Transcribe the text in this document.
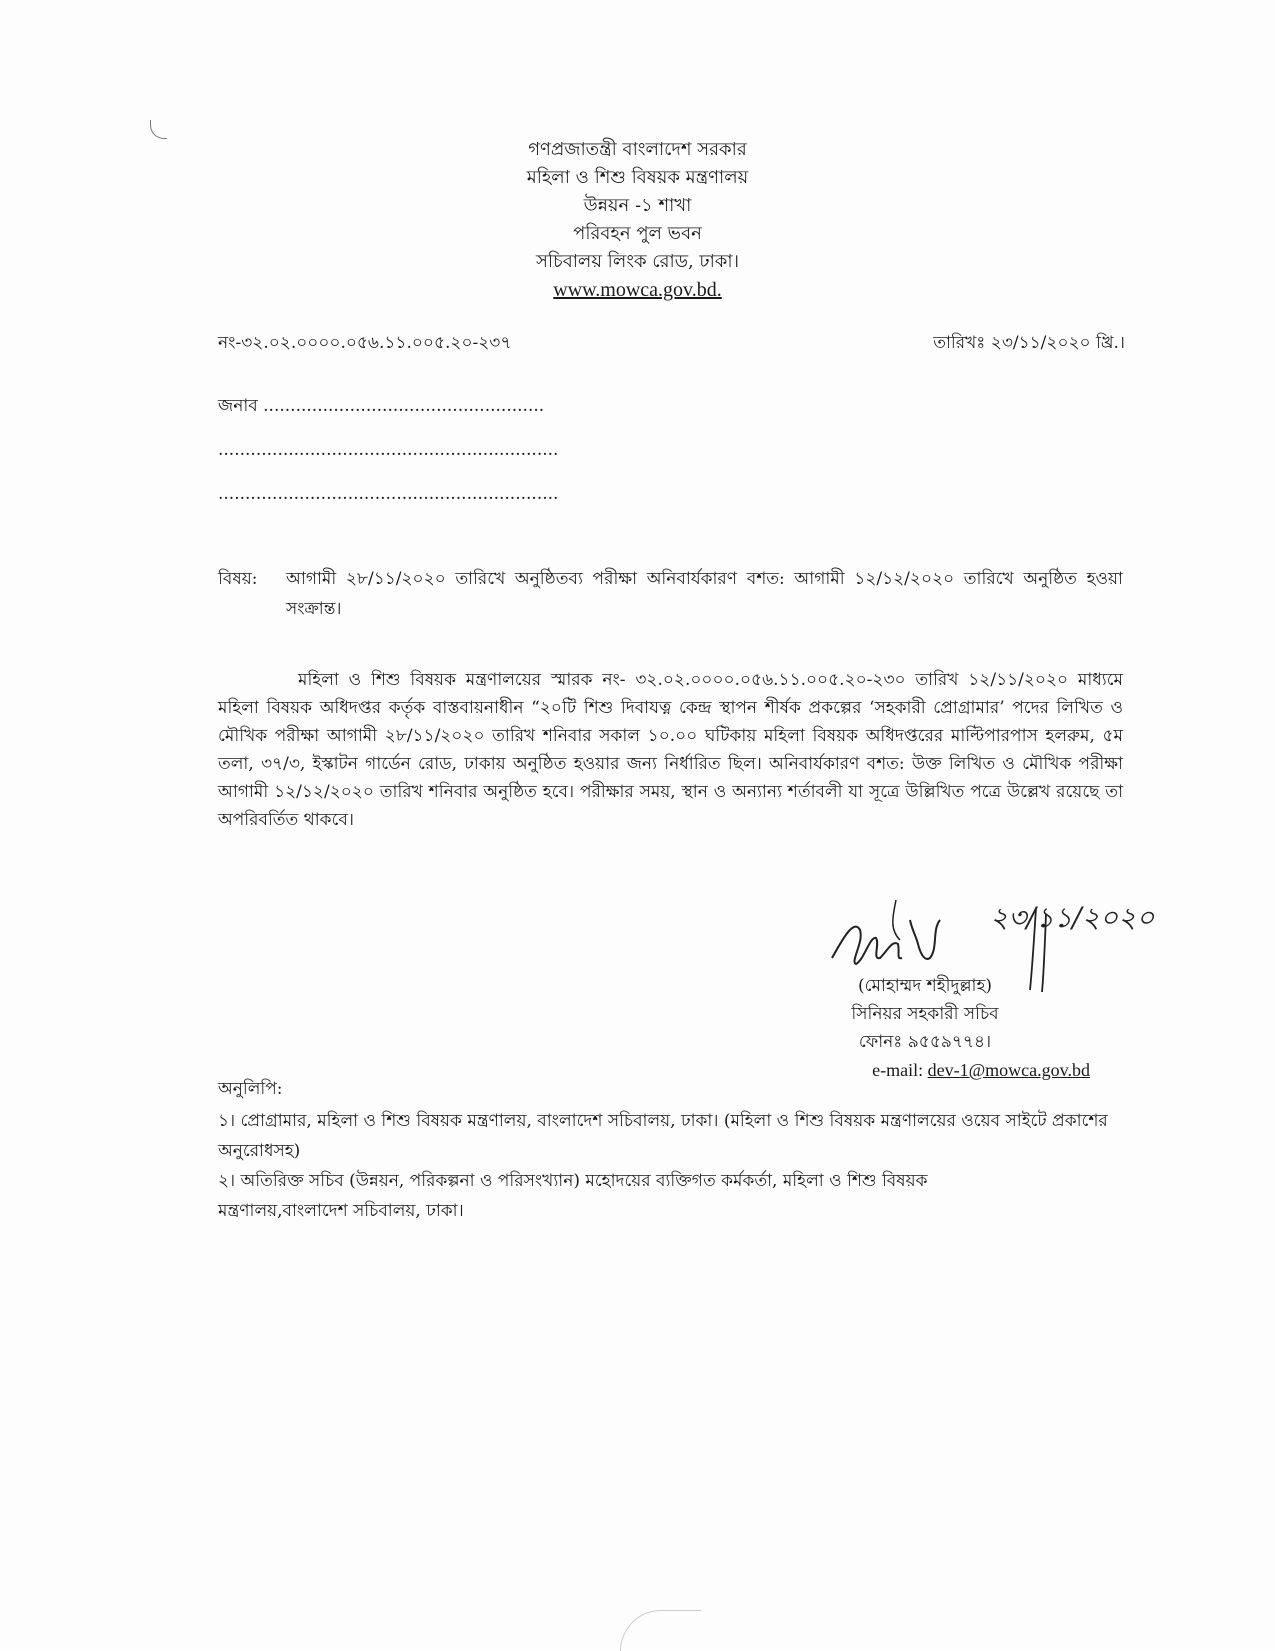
গণপ্রজাতন্ত্রী বাংলাদেশ সরকার
মহিলা ও শিশু বিষয়ক মন্ত্রণালয়
উন্নয়ন -১ শাখা
পরিবহন পুল ভবন
সচিবালয় লিংক রোড, ঢাকা।
www.mowca.gov.bd.
নং-৩২.০২.০০০০.০৫৬.১১.০০৫.২০-২৩৭	তারিখঃ ২৩/১১/২০২০ খ্রি.।
জনাব ....................................................
...............................................................
...............................................................
বিষয়: আগামী ২৮/১১/২০২০ তারিখে অনুষ্ঠিতব্য পরীক্ষা অনিবার্যকারণ বশত: আগামী ১২/১২/২০২০ তারিখে অনুষ্ঠিত হওয়া সংক্রান্ত।
মহিলা ও শিশু বিষয়ক মন্ত্রণালয়ের স্মারক নং- ৩২.০২.০০০০.০৫৬.১১.০০৫.২০-২৩০ তারিখ ১২/১১/২০২০ মাধ্যমে মহিলা বিষয়ক অধিদপ্তর কর্তৃক বাস্তবায়নাধীন “২০টি শিশু দিবাযত্ন কেন্দ্র স্থাপন শীর্ষক প্রকল্পের ‘সহকারী প্রোগ্রামার’ পদের লিখিত ও মৌখিক পরীক্ষা আগামী ২৮/১১/২০২০ তারিখ শনিবার সকাল ১০.০০ ঘটিকায় মহিলা বিষয়ক অধিদপ্তরের মাল্টিপারপাস হলরুম, ৫ম তলা, ৩৭/৩, ইস্কাটন গার্ডেন রোড, ঢাকায় অনুষ্ঠিত হওয়ার জন্য নির্ধারিত ছিল। অনিবার্যকারণ বশত: উক্ত লিখিত ও মৌখিক পরীক্ষা আগামী ১২/১২/২০২০ তারিখ শনিবার অনুষ্ঠিত হবে। পরীক্ষার সময়, স্থান ও অন্যান্য শর্তাবলী যা সূত্রে উল্লিখিত পত্রে উল্লেখ রয়েছে তা অপরিবর্তিত থাকবে।
২৩/১১/২০২০
(মোহাম্মদ শহীদুল্লাহ)
সিনিয়র সহকারী সচিব
ফোনঃ ৯৫৫৯৭৭৪।
e-mail: dev-1@mowca.gov.bd
অনুলিপি:
১। প্রোগ্রামার, মহিলা ও শিশু বিষয়ক মন্ত্রণালয়, বাংলাদেশ সচিবালয়, ঢাকা। (মহিলা ও শিশু বিষয়ক মন্ত্রণালয়ের ওয়েব সাইটে প্রকাশের অনুরোধসহ)
২। অতিরিক্ত সচিব (উন্নয়ন, পরিকল্পনা ও পরিসংখ্যান) মহোদয়ের ব্যক্তিগত কর্মকর্তা, মহিলা ও শিশু বিষয়ক
মন্ত্রণালয়,বাংলাদেশ সচিবালয়, ঢাকা।
